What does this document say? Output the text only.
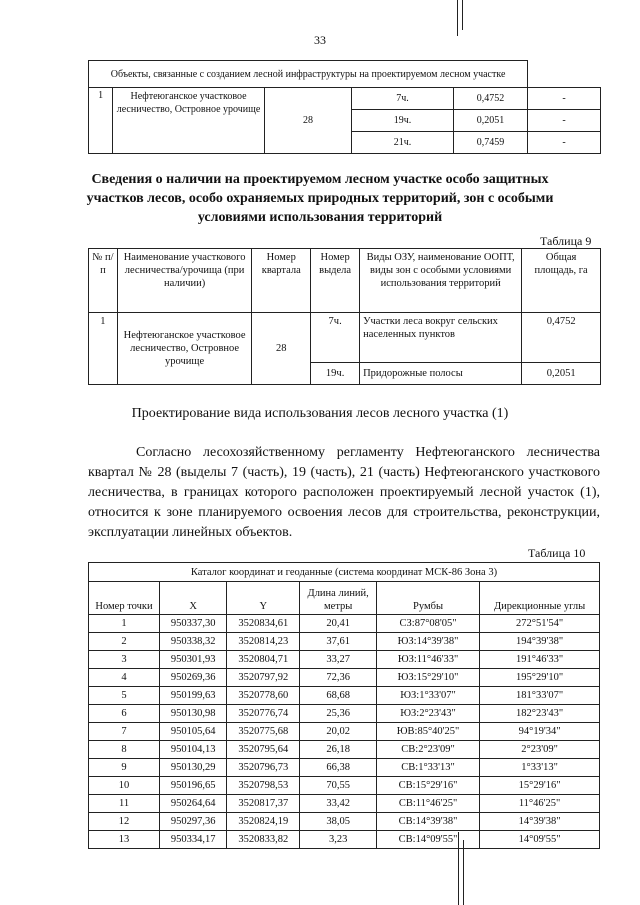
33
Объекты, связанные с созданием лесной инфраструктуры на проектируемом лесном участке					
1	Нефтеюганское участковое лесничество, Островное урочище	28	7ч.	0,4752	-
			19ч.	0,2051	-
			21ч.	0,7459	-
Сведения о наличии на проектируемом лесном участке особо защитных участков лесов, особо охраняемых природных территорий, зон с особыми условиями использования территорий
Таблица 9
№ п/п	Наименование участкового лесничества/урочища (при наличии)	Номер квартала	Номер выдела	Виды ОЗУ, наименование ООПТ, виды зон с особыми условиями использования территорий	Общая площадь, га
1	Нефтеюганское участковое лесничество, Островное урочище	28	7ч.	Участки леса вокруг сельских населенных пунктов	0,4752
			19ч.	Придорожные полосы	0,2051
Проектирование вида использования лесов лесного участка (1)
Согласно лесохозяйственному регламенту Нефтеюганского лесничества квартал № 28 (выделы 7 (часть), 19 (часть), 21 (часть) Нефтеюганского участкового лесничества, в границах которого расположен проектируемый лесной участок (1), относится к зоне планируемого освоения лесов для строительства, реконструкции, эксплуатации линейных объектов.
Таблица 10
Каталог координат и геоданные (система координат МСК-86 Зона 3)					
Номер точки	X	Y	Длина линий, метры	Румбы	Дирекционные углы
1	950337,30	3520834,61	20,41	СЗ:87°08'05"	272°51'54"
2	950338,32	3520814,23	37,61	ЮЗ:14°39'38"	194°39'38"
3	950301,93	3520804,71	33,27	ЮЗ:11°46'33"	191°46'33"
4	950269,36	3520797,92	72,36	ЮЗ:15°29'10"	195°29'10"
5	950199,63	3520778,60	68,68	ЮЗ:1°33'07"	181°33'07"
6	950130,98	3520776,74	25,36	ЮЗ:2°23'43"	182°23'43"
7	950105,64	3520775,68	20,02	ЮВ:85°40'25"	94°19'34"
8	950104,13	3520795,64	26,18	СВ:2°23'09"	2°23'09"
9	950130,29	3520796,73	66,38	СВ:1°33'13"	1°33'13"
10	950196,65	3520798,53	70,55	СВ:15°29'16"	15°29'16"
11	950264,64	3520817,37	33,42	СВ:11°46'25"	11°46'25"
12	950297,36	3520824,19	38,05	СВ:14°39'38"	14°39'38"
13	950334,17	3520833,82	3,23	СВ:14°09'55"	14°09'55"
